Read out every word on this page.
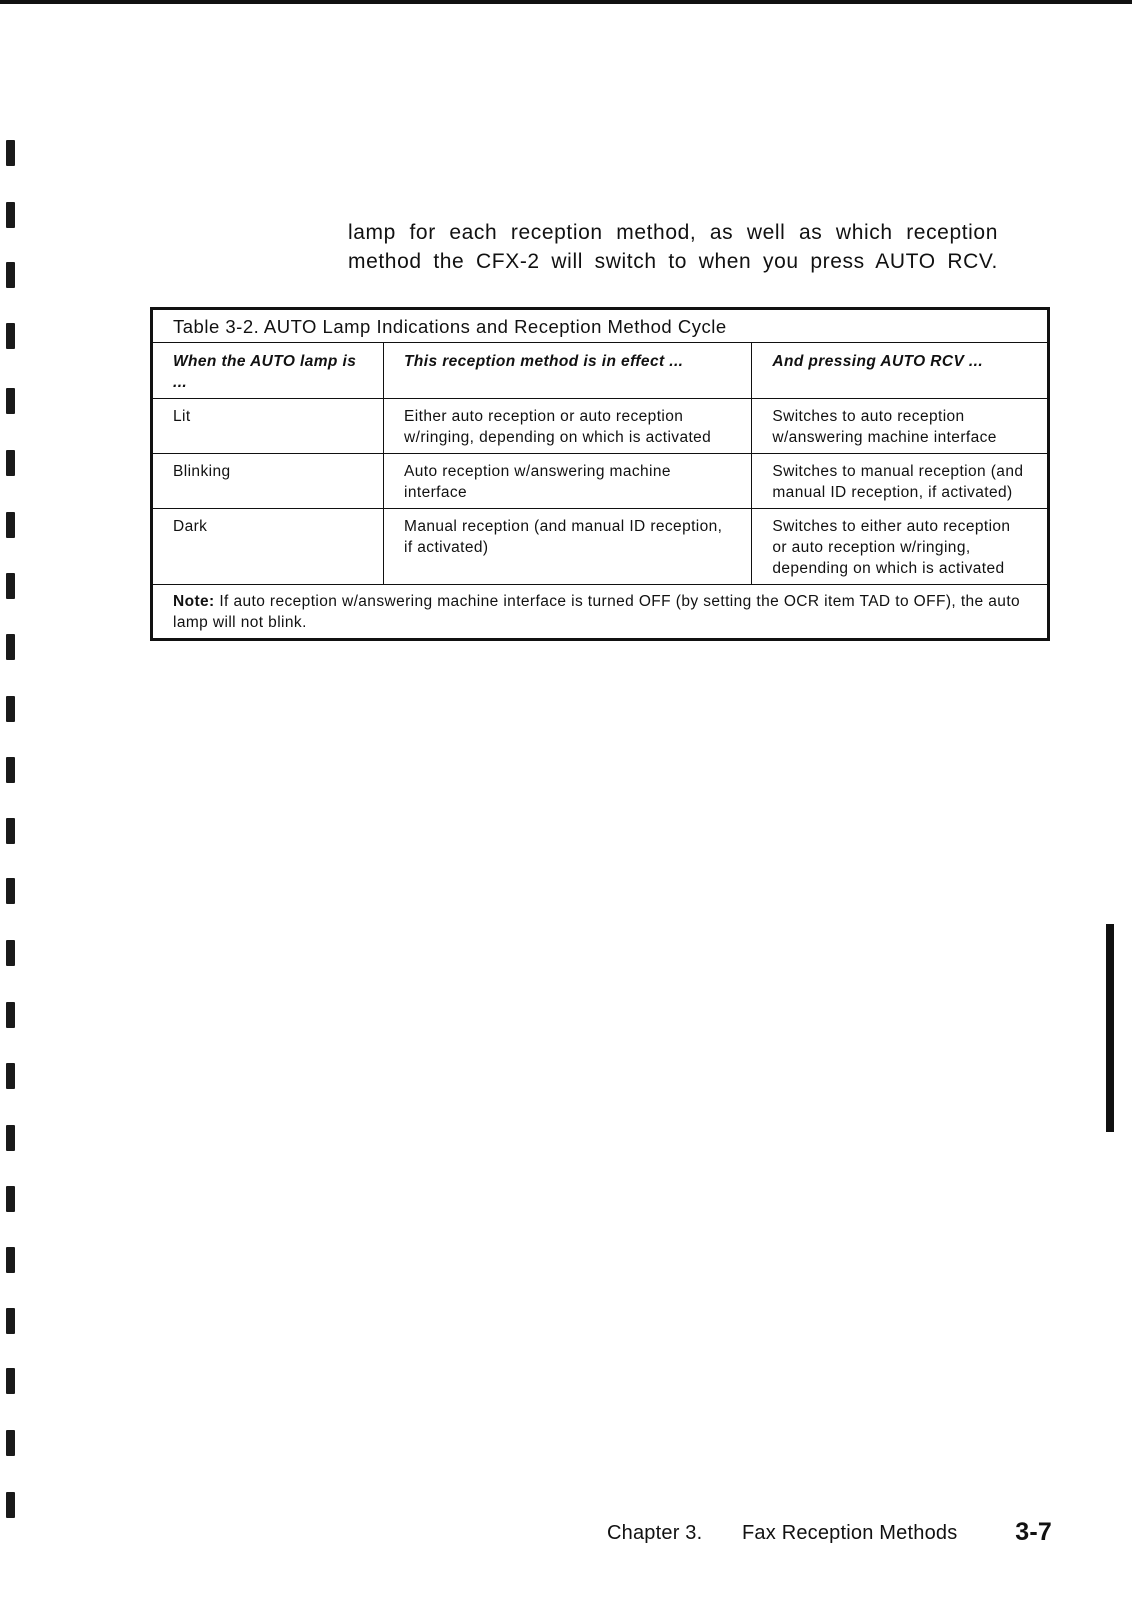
lamp for each reception method, as well as which reception

method the CFX-2 will switch to when you press AUTO RCV.

Table 3-2. AUTO Lamp Indications and Reception Method Cycle		
When the AUTO lamp is ...	This reception method is in effect ...	And pressing AUTO RCV ...
Lit	Either auto reception or auto reception w/ringing, depending on which is activated	Switches to auto reception w/answering machine interface
Blinking	Auto reception w/answering machine interface	Switches to manual reception (and manual ID reception, if activated)
Dark	Manual reception (and manual ID reception, if activated)	Switches to either auto reception or auto reception w/ringing, depending on which is activated
Note: If auto reception w/answering machine interface is turned OFF (by setting the OCR item TAD to OFF), the auto lamp will not blink.		
Chapter 3. Fax Reception Methods 3-7
